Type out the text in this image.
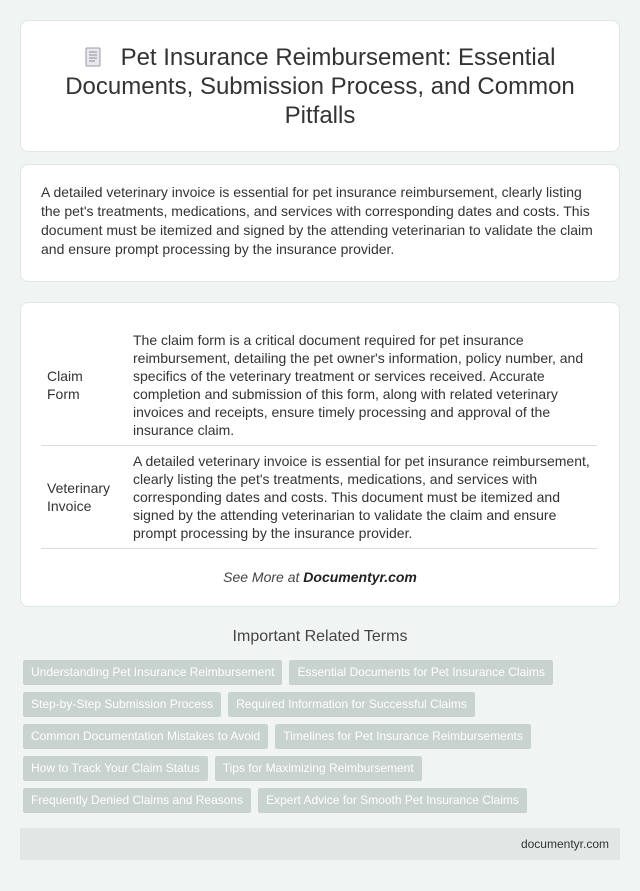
Pet Insurance Reimbursement: Essential Documents, Submission Process, and Common Pitfalls

A detailed veterinary invoice is essential for pet insurance reimbursement, clearly listing the pet's treatments, medications, and services with corresponding dates and costs. This document must be itemized and signed by the attending veterinarian to validate the claim and ensure prompt processing by the insurance provider.

Claim Form	The claim form is a critical document required for pet insurance reimbursement, detailing the pet owner's information, policy number, and specifics of the veterinary treatment or services received. Accurate completion and submission of this form, along with related veterinary invoices and receipts, ensure timely processing and approval of the insurance claim.
Veterinary Invoice	A detailed veterinary invoice is essential for pet insurance reimbursement, clearly listing the pet's treatments, medications, and services with corresponding dates and costs. This document must be itemized and signed by the attending veterinarian to validate the claim and ensure prompt processing by the insurance provider.
See More at Documentyr.com
Important Related Terms
Understanding Pet Insurance Reimbursement	Essential Documents for Pet Insurance Claims
Step-by-Step Submission Process	Required Information for Successful Claims
Common Documentation Mistakes to Avoid	Timelines for Pet Insurance Reimbursements
How to Track Your Claim Status	Tips for Maximizing Reimbursement
Frequently Denied Claims and Reasons	Expert Advice for Smooth Pet Insurance Claims
documentyr.com
